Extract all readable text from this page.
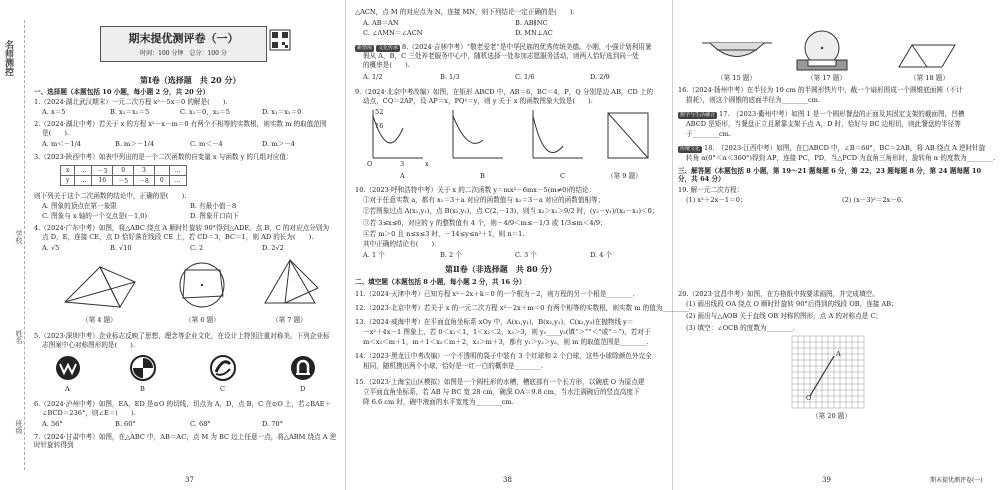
学校
姓名
班级
名师测控
期末提优测评卷（一）
时间：100 分钟　总分：100 分
第Ⅰ卷（选择题　共 20 分）
一、选择题（本题包括 10 小题，每小题 2 分，共 20 分）
1.（2024·湖北武汉期末）一元二次方程 x²－5x＝0 的解是(　　).
A. x＝5	B. x₁＝x₂＝5	C. x₁＝0，x₂＝5	D. x₁＝x₂＝0
2.（2024·湖北中考）若关于 x 的方程 x²－x－m＝0 有两个不相等的实数根，则实数 m 的取值范围
是(　　).
A. m＜－1/4	B. m＞－1/4	C. m＜－4	D. m＞－4
3.（2023·陕西中考）如表中列出的是一个二次函数的自变量 x 与函数 y 的几组对应值：
x	…	－3	0	3		…
y	…	16	－5	－8	0	…
则下列关于这个二次函数的结论中，正确的是(　　).
A. 图象的顶点在第一象限	B. 有最小值－8
C. 图象与 x 轴的一个交点是(－1,0)	D. 图象开口向下
4.（2024·广东中考）如图，将△ABC 绕点 A 顺时针旋转 90°得到△ADE，点 B，C 的对应点分别为
点 D，E，连接 CE，点 D 恰好落在线段 CE 上，若 CD＝3，BC＝1，则 AD 的长为(　　).
A. √5	B. √10	C. 2	D. 2√2
（第 4 题）	（第 6 题）	（第 7 题）
5.（2023·深圳中考）企业标志反映了思想、理念等企业文化，在设计上特别注重对称美。下列企业标
志图案中心对称图形的是(　　).
A	B	C	D
6.（2024·泸州中考）如图，EA，ED 是⊙O 的切线，切点为 A，D，点 B，C 在⊙O 上，若∠BAE＋
∠BCD＝236°，则∠E＝(　　).
A. 56°	B. 60°	C. 68°	D. 70°
7.（2024·甘肃中考）如图，在△ABC 中，AB＝AC，点 M 为 BC 边上任意一点，将△ABM 绕点 A 逆时针旋转得到
37
△ACN，点 M 的对应点为 N，连接 MN，则下列结论一定正确的是(　　).
A. AB＝AN	B. AB∥NC
C. ∠AMN＝∠ACN	D. MN⊥AC
新情境 文化传承 8.（2024·吉林中考）“敬老爱老”是中华民族的优秀传统美德。小刚，小强计划利用暑
假从 A，B，C 三处养老服务中心中，随机选择一处参加志愿服务活动，则两人恰好选到同一处
的概率是(　　).
A. 1/2	B. 1/3	C. 1/6	D. 2/9
9.（2024·北京中考改编）如图，在矩形 ABCD 中，AB＝6，BC＝4，P，Q 分别是边 AB，CD 上的
动点，CQ＝2AP，设 AP＝x，PQ²＝y，则 y 关于 x 的函数图象大致是(　　).
52
16
O	3	x
A	B	C	（第 9 题）
10.（2023·呼和浩特中考）关于 x 的二次函数 y＝mx²－6mx－5(m≠0)的结论：
①对于任意实数 a，都有 x₁＝3＋a 对应的函数值与 x₂＝3－a 对应的函数值相等；
②若图象过点 A(x₁,y₁)，点 B(x₂,y₂)，点 C(2,－13)，则当 x₂＞x₁＞9/2 时，(y₂－y₁)/(x₂－x₁)＜0；
③若 3≤x≤6，对应的 y 的整数值有 4 个，则－4/9＜m≤－1/3 或 1/3≤m＜4/9；
④若 m＞0 且 n≤x≤3 时，－14≤y≤n²＋1，则 n＝1.
其中正确的结论有(　　).
A. 1 个	B. 2 个	C. 3 个	D. 4 个
第Ⅱ卷（非选择题　共 80 分）
二、填空题（本题包括 8 小题，每小题 2 分，共 16 分）
11.（2024·天津中考）已知方程 x²－2x＋k＝0 的一个根为－2，则方程的另一个根是________.
12.（2023·北京中考）若关于 x 的一元二次方程 x²－2x＋m＝0 有两个相等的实数根，则实数 m 的值为________.
13.（2024·威海中考）在平面直角坐标系 xOy 中，A(x₁,y₁)，B(x₂,y₂)，C(x₃,y₃)在抛物线 y＝
－x²＋4x－1 图象上，若 0＜x₁＜1，1＜x₂＜2，x₃＞3，则 y₁____y₂(填“＞”“＜”或“＝”)，若对于
m＜x₁＜m＋1，m＋1＜x₂＜m＋2，x₃＞m＋3，都有 y₁＞y₂＞y₃，则 m 的取值范围是________.
14.（2023·黑龙江中考改编）一个不透明的袋子中装有 3 个红球和 2 个白球，这些小球除颜色外完全
相同，随机摸出两个小球，恰好是一红一白的概率是________.
15.（2023·上海宝山区模拟）如图是一个圆柱形的水槽，槽底部有一个长方形，以碗底 O 为原点建
立平面直角坐标系，若 AB 与 BC 宽 28 cm，碗深 OA＝9.8 cm，当水注满碗后的竖直高度下
降 6.6 cm 时，碗中液面的水平宽度为________cm.
38
（第 15 题）	（第 17 题）	（第 18 题）
16.（2024·扬州中考）在半径为 10 cm 的半圆形铁片中，截一个扇形围成一个圆锥底面圆（不计
损耗），则这个圆锥的底面半径为________cm.
数学与生活融合 17.　（2023·衢州中考）如图 1 是一个圆形餐盘的正面及其固定支架的截面图，凹槽
ABCD 是矩形，当餐盘正立且紧靠支架于点 A，D 时，恰好与 BC 边相切，则此餐盘的半径等
于________cm.
传统文化 18.　（2023·江西中考）如图，在□ABCD 中，∠B＝60°，BC＝2AB，将 AB 绕点 A 逆时针旋
转角 α(0°＜α＜360°)得到 AP，连接 PC，PD，当△PCD 为直角三角形时，旋转角 α 的度数为________.
三、解答题（本题包括 8 小题，第 19～21 题每题 6 分，第 22，23 题每题 8 分，第 24 题每题 10 分，共 64 分）
19. 解一元二次方程：
(1) x²＋2x－1＝0；	(2) (x－3)²＝2x－6.
20.（2023·宜昌中考）如图，在方格纸中按要求画图，并完成填空。
(1) 画出线段 OA 绕点 O 顺时针旋转 90°后得到的线段 OB，连接 AB；
(2) 画出与△AOB 关于直线 OB 对称的图形，点 A 的对称点是 C；
(3) 填空：∠OCB 的度数为________.
O
A
（第 20 题）
39	期末提优测评卷(一)
